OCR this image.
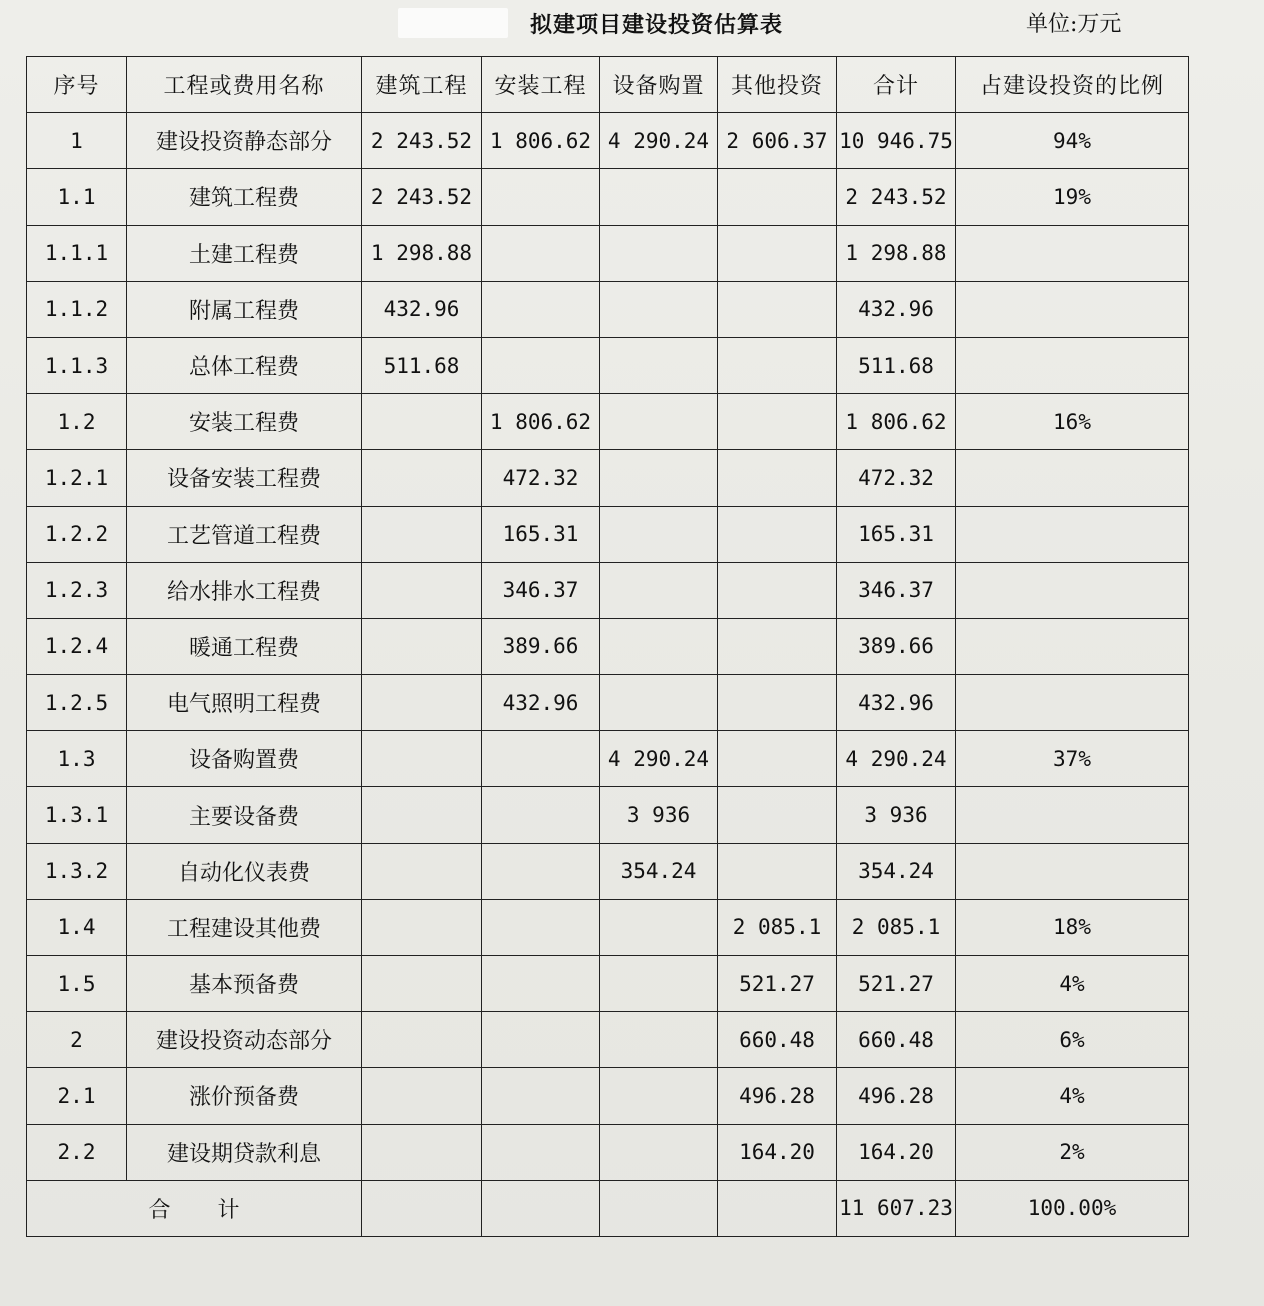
拟建项目建设投资估算表	单位:万元
序号	工程或费用名称	建筑工程	安装工程	设备购置	其他投资	合计	占建设投资的比例
1	建设投资静态部分	2 243.52	1 806.62	4 290.24	2 606.37	10 946.75	94%
1.1	建筑工程费	2 243.52				2 243.52	19%
1.1.1	土建工程费	1 298.88				1 298.88	
1.1.2	附属工程费	432.96				432.96	
1.1.3	总体工程费	511.68				511.68	
1.2	安装工程费		1 806.62			1 806.62	16%
1.2.1	设备安装工程费		472.32			472.32	
1.2.2	工艺管道工程费		165.31			165.31	
1.2.3	给水排水工程费		346.37			346.37	
1.2.4	暖通工程费		389.66			389.66	
1.2.5	电气照明工程费		432.96			432.96	
1.3	设备购置费			4 290.24		4 290.24	37%
1.3.1	主要设备费			3 936		3 936	
1.3.2	自动化仪表费			354.24		354.24	
1.4	工程建设其他费				2 085.1	2 085.1	18%
1.5	基本预备费				521.27	521.27	4%
2	建设投资动态部分				660.48	660.48	6%
2.1	涨价预备费				496.28	496.28	4%
2.2	建设期贷款利息				164.20	164.20	2%
合 计						11 607.23	100.00%
